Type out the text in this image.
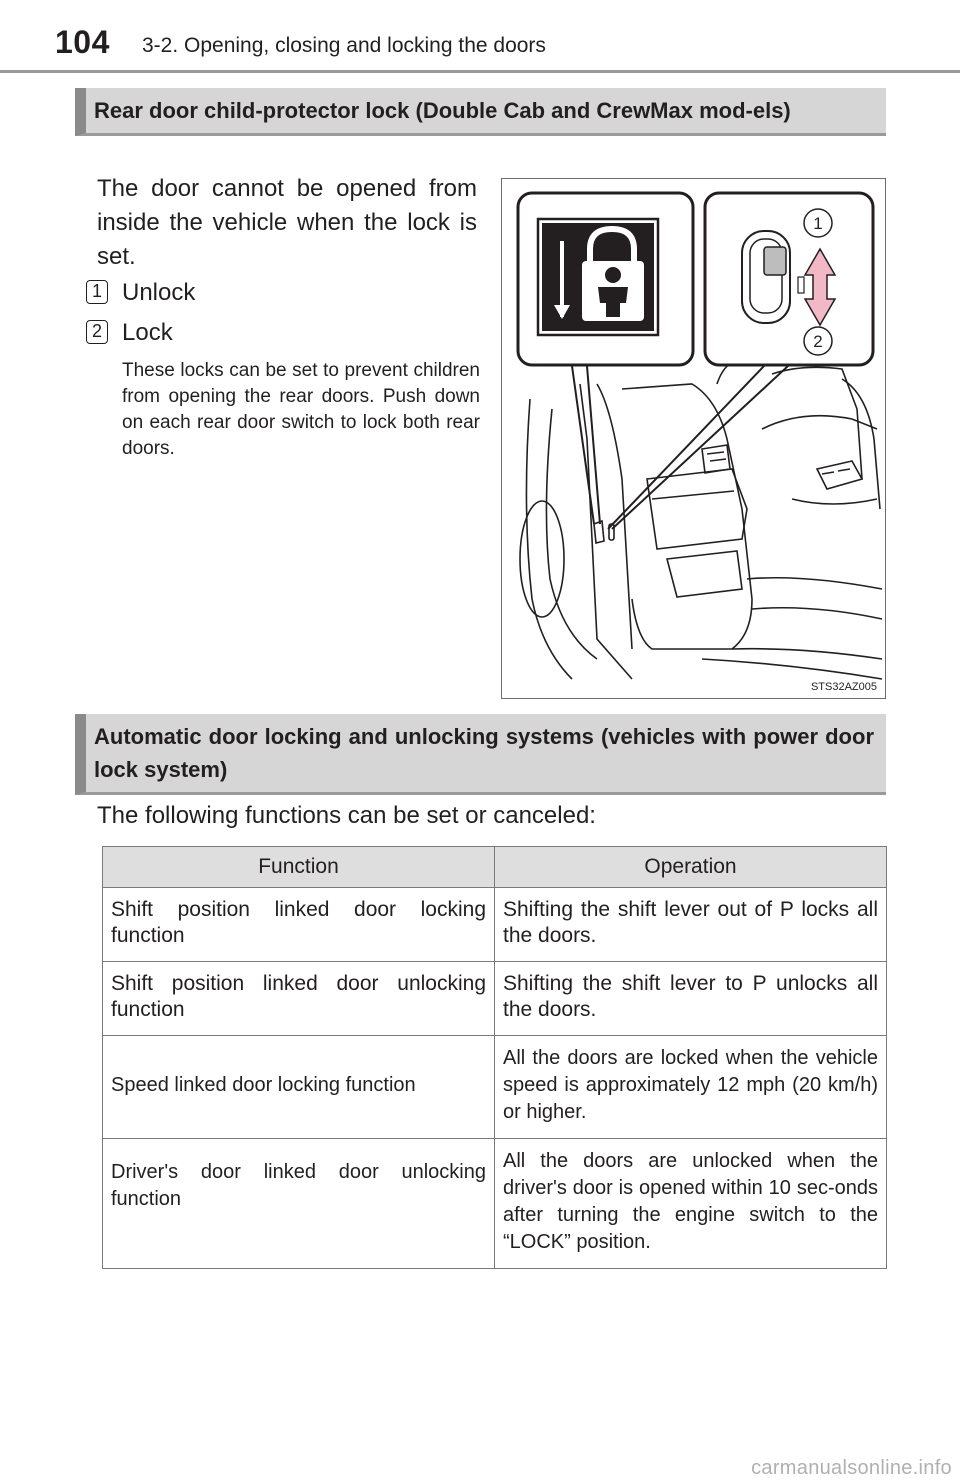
104 3-2. Opening, closing and locking the doors
Rear door child-protector lock (Double Cab and CrewMax mod-els)
The door cannot be opened from inside the vehicle when the lock is set.
1 Unlock
2 Lock
These locks can be set to prevent children from opening the rear doors. Push down on each rear door switch to lock both rear doors.
1
2
STS32AZ005
Automatic door locking and unlocking systems (vehicles with power door lock system)
The following functions can be set or canceled:
Function	Operation
Shift position linked door locking function	Shifting the shift lever out of P locks all the doors.
Shift position linked door unlocking function	Shifting the shift lever to P unlocks all the doors.
Speed linked door locking function	All the doors are locked when the vehicle speed is approximately 12 mph (20 km/h) or higher.
Driver's door linked door unlocking function	All the doors are unlocked when the driver's door is opened within 10 sec-onds after turning the engine switch to the “LOCK” position.
carmanualsonline.info
